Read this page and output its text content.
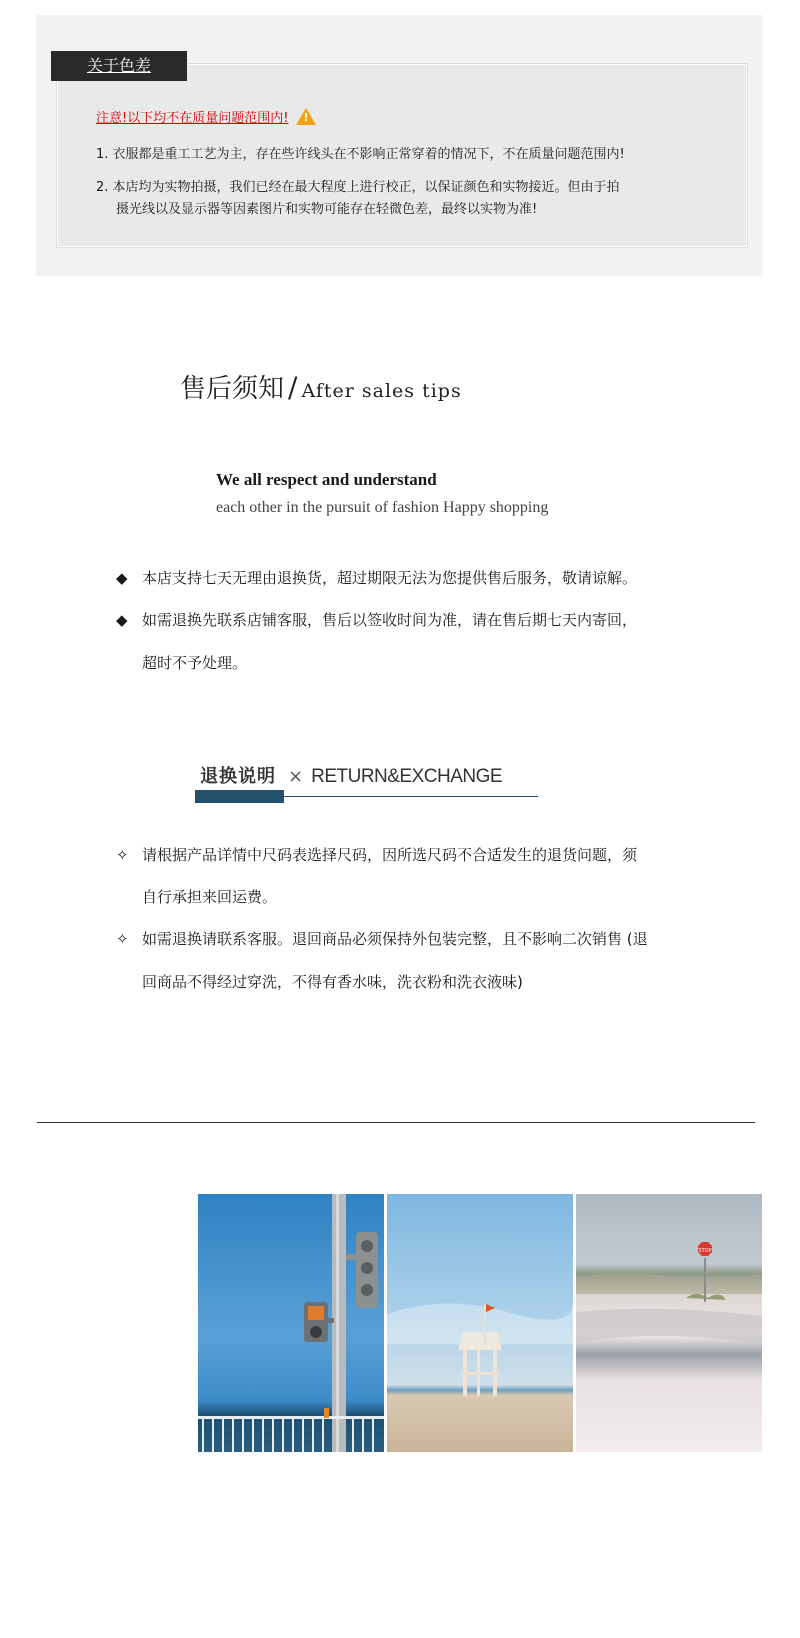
关于色差
注意!以下均不在质量问题范围内!
!
1. 衣服都是重工工艺为主，存在些许线头在不影响正常穿着的情况下，不在质量问题范围内!
2. 本店均为实物拍摄，我们已经在最大程度上进行校正，以保证颜色和实物接近。但由于拍
摄光线以及显示器等因素图片和实物可能存在轻微色差，最终以实物为准!
售后须知 / After sales tips
We all respect and understand
each other in the pursuit of fashion Happy shopping
◆ 本店支持七天无理由退换货，超过期限无法为您提供售后服务，敬请谅解。
◆ 如需退换先联系店铺客服，售后以签收时间为准，请在售后期七天内寄回，
超时不予处理。
退换说明 × RETURN&EXCHANGE
✧ 请根据产品详情中尺码表选择尺码，因所选尺码不合适发生的退货问题，须
自行承担来回运费。
✧ 如需退换请联系客服。退回商品必须保持外包装完整，且不影响二次销售 (退
回商品不得经过穿洗，不得有香水味，洗衣粉和洗衣液味)
STOP
